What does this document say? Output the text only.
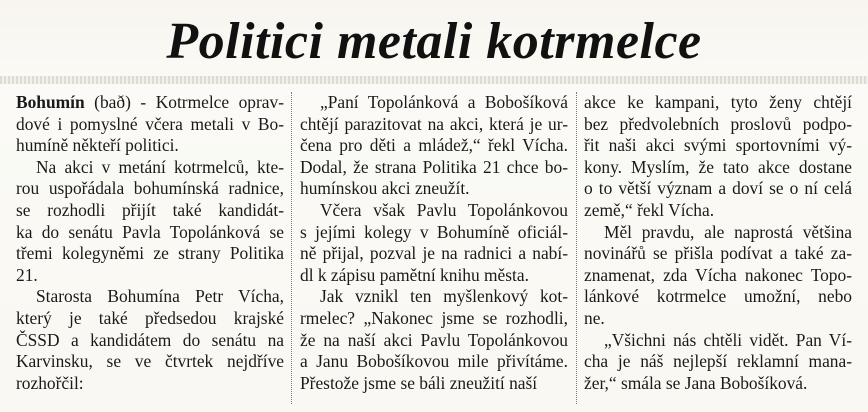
Politici metali kotrmelce
Bohumín (bað) - Kotrmelce oprav-
dové i pomyslné včera metali v Bo-
humíně někteří politici.
Na akci v metání kotrmelců, kte-
rou uspořádala bohumínská radnice,
se rozhodli přijít také kandidát-
ka do senátu Pavla Topolánková se
třemi kolegyněmi ze strany Politika
21.
Starosta Bohumína Petr Vícha,
který je také předsedou krajské
ČSSD a kandidátem do senátu na
Karvinsku, se ve čtvrtek nejdříve
rozhořčil:
„Paní Topolánková a Bobošíková
chtějí parazitovat na akci, která je ur-
čena pro děti a mládež,“ řekl Vícha.
Dodal, že strana Politika 21 chce bo-
humínskou akci zneužít.
Včera však Pavlu Topolánkovou
s jejími kolegy v Bohumíně oficiál-
ně přijal, pozval je na radnici a nabí-
dl k zápisu pamětní knihu města.
Jak vznikl ten myšlenkový kot-
rmelec? „Nakonec jsme se rozhodli,
že na naší akci Pavlu Topolánkovou
a Janu Bobošíkovou mile přivítáme.
Přestože jsme se báli zneužití naší
akce ke kampani, tyto ženy chtějí
bez předvolebních proslovů podpo-
řit naši akci svými sportovními vý-
kony. Myslím, že tato akce dostane
o to větší význam a doví se o ní celá
země,“ řekl Vícha.
Měl pravdu, ale naprostá většina
novinářů se přišla podívat a také za-
znamenat, zda Vícha nakonec Topo-
lánkové kotrmelce umožní, nebo
ne.
„Všichni nás chtěli vidět. Pan Ví-
cha je náš nejlepší reklamní mana-
žer,“ smála se Jana Bobošíková.
